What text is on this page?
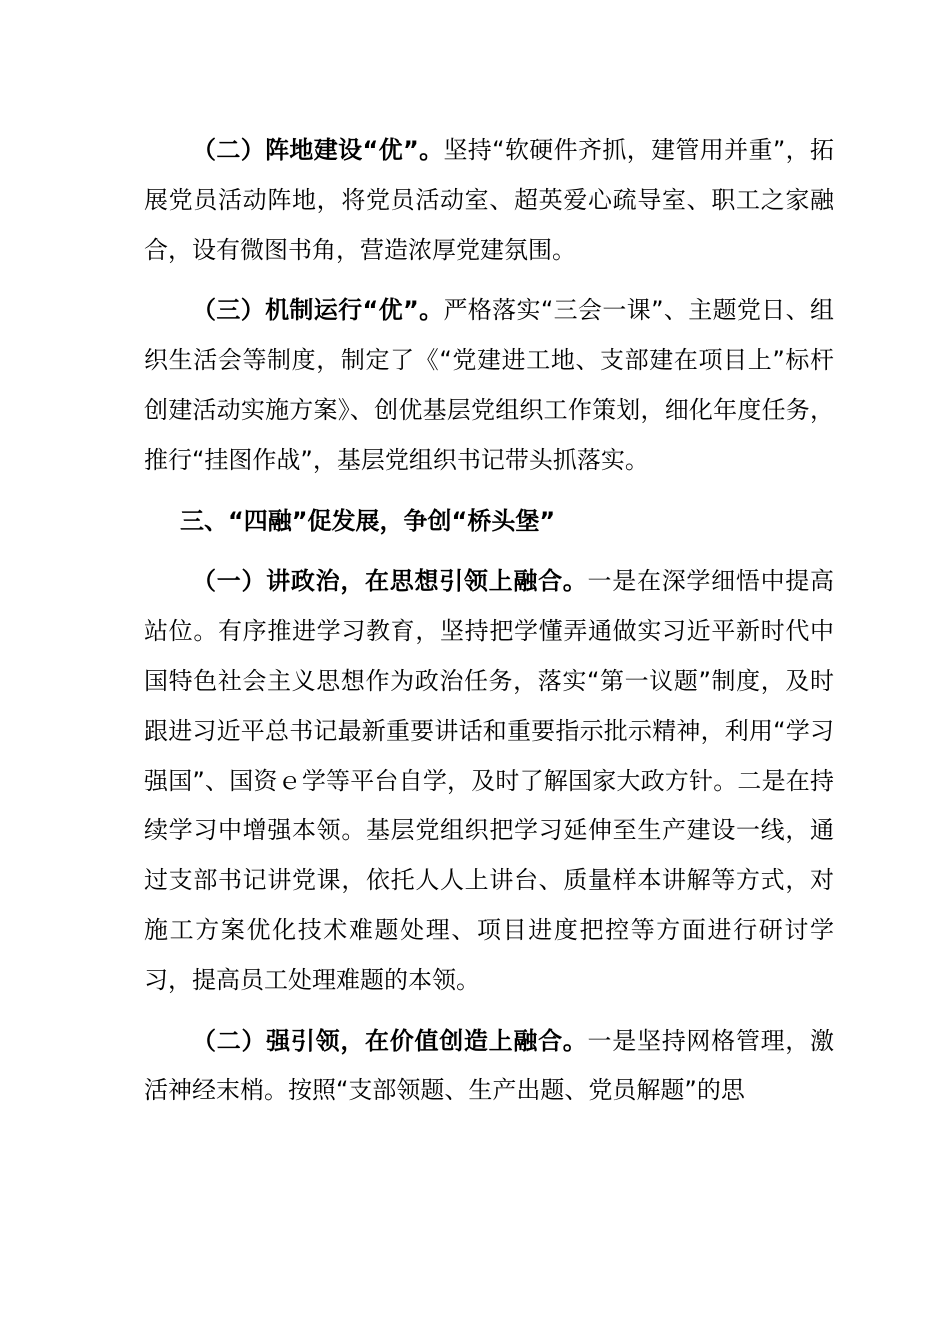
（二）阵地建设“优”。坚持“软硬件齐抓，建管用并重”，拓展党员活动阵地，将党员活动室、超英爱心疏导室、职工之家融合，设有微图书角，营造浓厚党建氛围。

（三）机制运行“优”。严格落实“三会一课”、主题党日、组织生活会等制度，制定了《“党建进工地、支部建在项目上”标杆创建活动实施方案》、创优基层党组织工作策划，细化年度任务，推行“挂图作战”，基层党组织书记带头抓落实。

三、“四融”促发展，争创“桥头堡”

（一）讲政治，在思想引领上融合。一是在深学细悟中提高站位。有序推进学习教育，坚持把学懂弄通做实习近平新时代中国特色社会主义思想作为政治任务，落实“第一议题”制度，及时跟进习近平总书记最新重要讲话和重要指示批示精神，利用“学习强国”、国资ｅ学等平台自学，及时了解国家大政方针。二是在持续学习中增强本领。基层党组织把学习延伸至生产建设一线，通过支部书记讲党课，依托人人上讲台、质量样本讲解等方式，对施工方案优化技术难题处理、项目进度把控等方面进行研讨学习，提高员工处理难题的本领。

（二）强引领，在价值创造上融合。一是坚持网格管理，激活神经末梢。按照“支部领题、生产出题、党员解题”的思
